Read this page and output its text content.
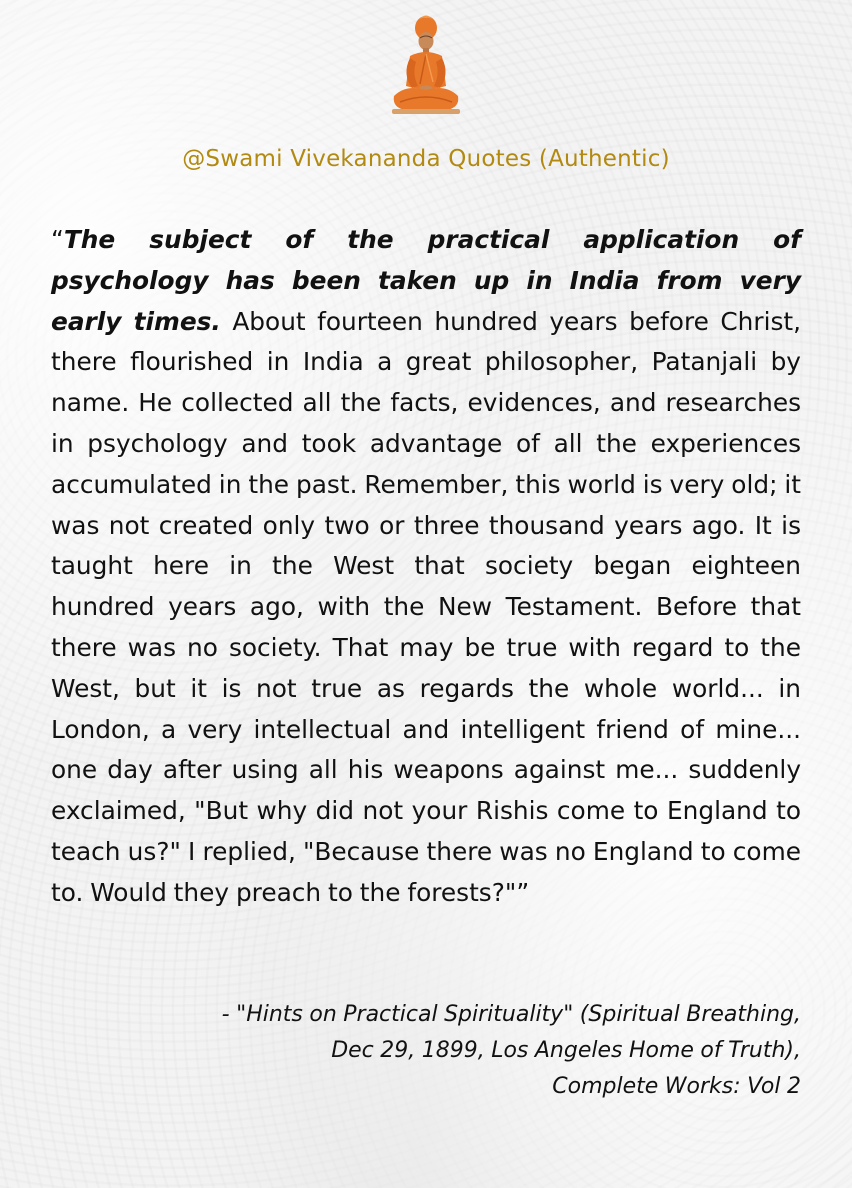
@Swami Vivekananda Quotes (Authentic)

“The subject of the practical application of psychology has been taken up in India from very early times. About fourteen hundred years before Christ, there flourished in India a great philosopher, Patanjali by name. He collected all the facts, evidences, and researches in psychology and took advantage of all the experiences accumulated in the past. Remember, this world is very old; it was not created only two or three thousand years ago. It is taught here in the West that society began eighteen hundred years ago, with the New Testament. Before that there was no society. That may be true with regard to the West, but it is not true as regards the whole world... in London, a very intellectual and intelligent friend of mine... one day after using all his weapons against me... suddenly exclaimed, "But why did not your Rishis come to England to teach us?" I replied, "Because there was no England to come to. Would they preach to the forests?"”

- "Hints on Practical Spirituality" (Spiritual Breathing,
Dec 29, 1899, Los Angeles Home of Truth),
Complete Works: Vol 2
